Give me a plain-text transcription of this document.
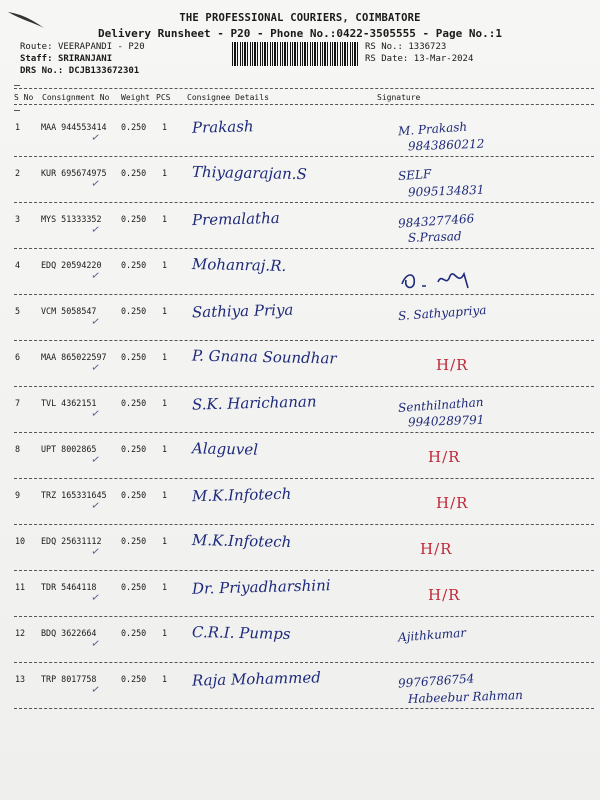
THE PROFESSIONAL COURIERS, COIMBATORE
Delivery Runsheet - P20 - Phone No.:0422-3505555 - Page No.:1
Route: VEERAPANDI - P20
Staff: SRIRANJANI
DRS No.: DCJB133672301
RS No.: 1336723
RS Date: 13-Mar-2024
S No Consignment No Weight PCS Consignee Details	Signature
1 MAA 944553414 0.250 1
✓
Prakash	M. Prakash
9843860212
2 KUR 695674975 0.250 1
✓	Thiyagarajan.S	SELF
9095134831
3 MYS 51333352 0.250 1
✓	Premalatha	9843277466
S.Prasad
4 EDQ 20594220 0.250 1
✓
Mohanraj.R.
5 VCM 5058547	0.250 1
✓	Sathiya Priya	S. Sathyapriya
6 MAA 865022597 0.250 1
✓	P. Gnana Soundhar	H/R
7 TVL 4362151	0.250 1
✓	S.K. Harichanan	Senthilnathan
9940289791
8 UPT 8002865	0.250 1
✓
Alaguvel	H/R
9 TRZ 165331645 0.250 1
✓	M.K.Infotech	H/R
10 EDQ 25631112 0.250 1
✓	M.K.Infotech	H/R
11 TDR 5464118	0.250 1
✓	Dr. Priyadharshini	H/R
12 BDQ 3622664	0.250 1
✓	C.R.I. Pumps	Ajithkumar
13 TRP 8017758	0.250 1
✓	Raja Mohammed	9976786754
Habeebur Rahman
